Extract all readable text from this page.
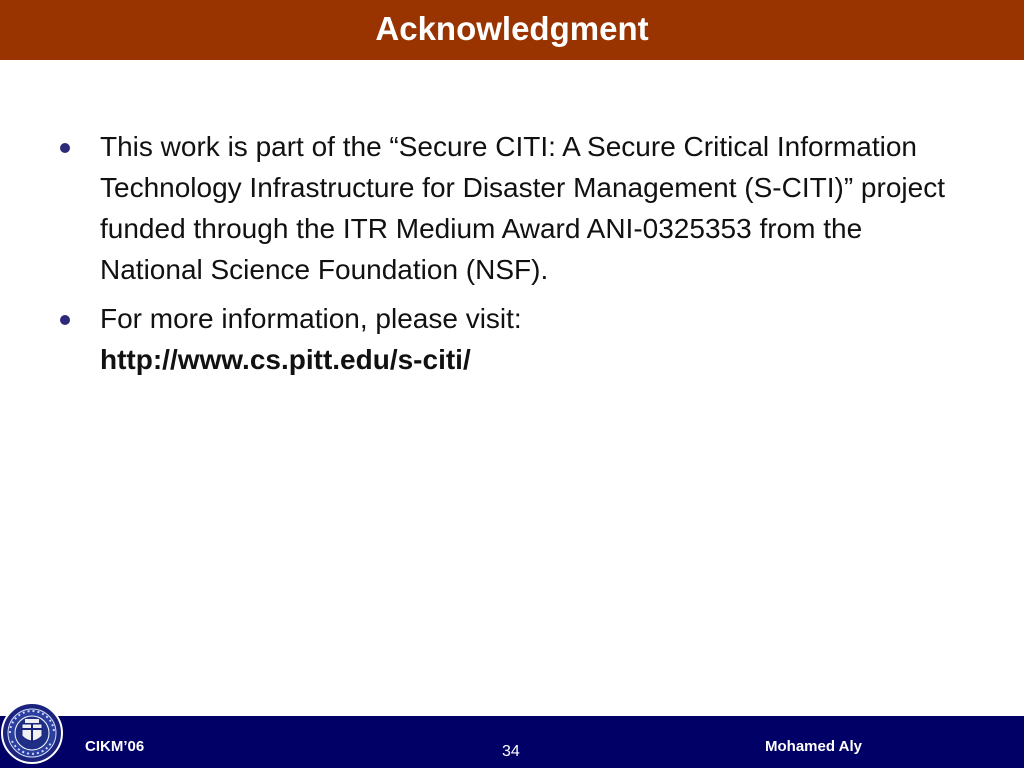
Acknowledgment
This work is part of the “Secure CITI: A Secure Critical Information Technology Infrastructure for Disaster Management (S-CITI)” project funded through the ITR Medium Award ANI-0325353 from the National Science Foundation (NSF).
For more information, please visit:
http://www.cs.pitt.edu/s-citi/
CIKM’06	34	Mohamed Aly
